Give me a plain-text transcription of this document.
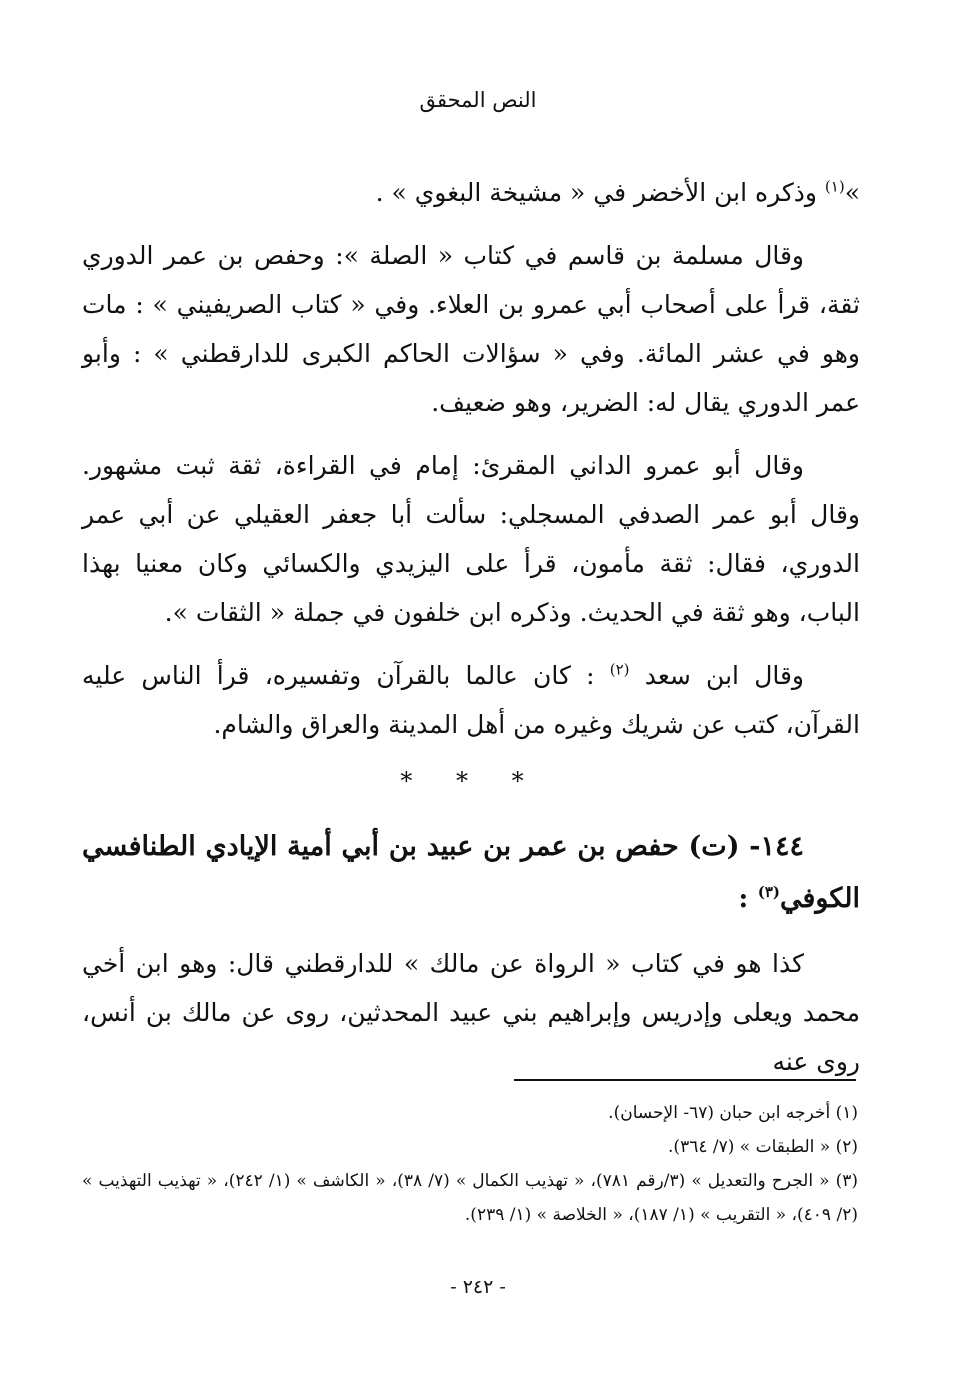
النص المحقق

»$^{(١)}$ وذكره ابن الأخضر في « مشيخة البغوي » .

وقال مسلمة بن قاسم في كتاب « الصلة »: وحفص بن عمر الدوري ثقة، قرأ على أصحاب أبي عمرو بن العلاء. وفي « كتاب الصريفيني » : مات وهو في عشر المائة. وفي « سؤالات الحاكم الكبرى للدارقطني » : وأبو عمر الدوري يقال له: الضرير، وهو ضعيف.

وقال أبو عمرو الداني المقرئ: إمام في القراءة، ثقة ثبت مشهور. وقال أبو عمر الصدفي المسجلي: سألت أبا جعفر العقيلي عن أبي عمر الدوري، فقال: ثقة مأمون، قرأ على اليزيدي والكسائي وكان معنيا بهذا الباب، وهو ثقة في الحديث. وذكره ابن خلفون في جملة « الثقات ».

وقال ابن سعد $^{(٢)}$ : كان عالما بالقرآن وتفسيره، قرأ الناس عليه القرآن، كتب عن شريك وغيره من أهل المدينة والعراق والشام.

* * *

١٤٤- (ت) حفص بن عمر بن عبيد بن أبي أمية الإيادي الطنافسي الكوفي$^{(٣)}$ :

كذا هو في كتاب « الرواة عن مالك » للدارقطني قال: وهو ابن أخي محمد ويعلى وإدريس وإبراهيم بني عبيد المحدثين، روى عن مالك بن أنس، روى عنه

(١) أخرجه ابن حبان (٦٧- الإحسان).

(٢) « الطبقات » (٧/ ٣٦٤).

(٣) « الجرح والتعديل » (٣/رقم ٧٨١)، « تهذيب الكمال » (٧/ ٣٨)، « الكاشف » (١/ ٢٤٢)، « تهذيب التهذيب » (٢/ ٤٠٩)، « التقريب » (١/ ١٨٧)، « الخلاصة » (١/ ٢٣٩).

- ٢٤٢ -
